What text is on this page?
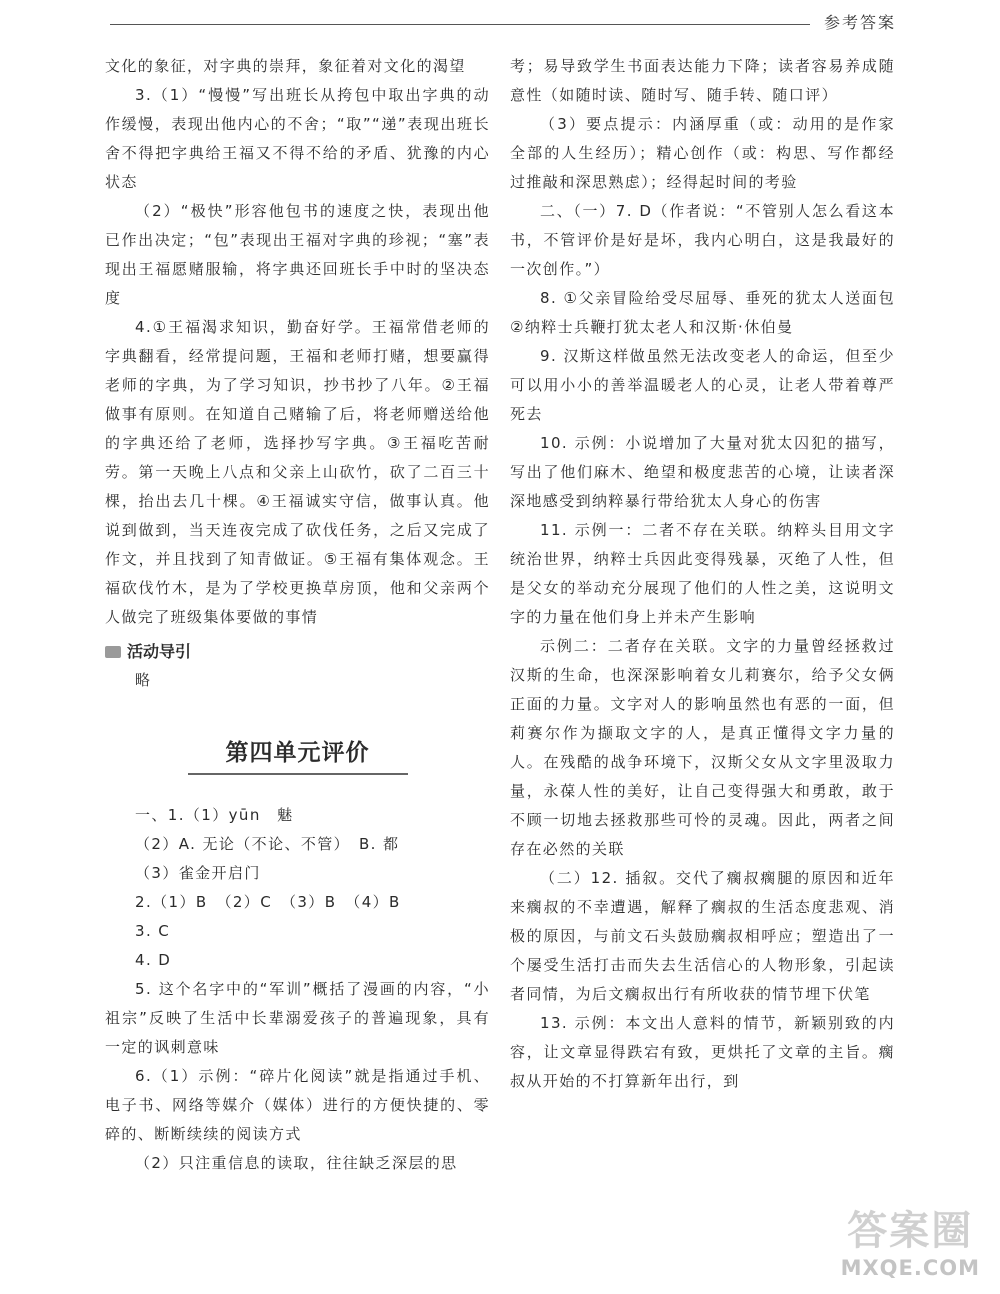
参考答案

文化的象征，对字典的崇拜，象征着对文化的渴望

3.（1）“慢慢”写出班长从挎包中取出字典的动作缓慢，表现出他内心的不舍；“取”“递”表现出班长舍不得把字典给王福又不得不给的矛盾、犹豫的内心状态

（2）“极快”形容他包书的速度之快，表现出他已作出决定；“包”表现出王福对字典的珍视；“塞”表现出王福愿赌服输，将字典还回班长手中时的坚决态度

4.①王福渴求知识，勤奋好学。王福常借老师的字典翻看，经常提问题，王福和老师打赌，想要赢得老师的字典，为了学习知识，抄书抄了八年。②王福做事有原则。在知道自己赌输了后，将老师赠送给他的字典还给了老师，选择抄写字典。③王福吃苦耐劳。第一天晚上八点和父亲上山砍竹，砍了二百三十棵，抬出去几十棵。④王福诚实守信，做事认真。他说到做到，当天连夜完成了砍伐任务，之后又完成了作文，并且找到了知青做证。⑤王福有集体观念。王福砍伐竹木，是为了学校更换草房顶，他和父亲两个人做完了班级集体要做的事情

活动导引

略

第四单元评价

一、1.（1）yūn　魅

（2）A. 无论（不论、不管）　B. 都

（3）雀金开启门

2.（1）B　（2）C　（3）B　（4）B

3. C

4. D

5. 这个名字中的“军训”概括了漫画的内容，“小祖宗”反映了生活中长辈溺爱孩子的普遍现象，具有一定的讽刺意味

6.（1）示例：“碎片化阅读”就是指通过手机、电子书、网络等媒介（媒体）进行的方便快捷的、零碎的、断断续续的阅读方式

（2）只注重信息的读取，往往缺乏深层的思

考；易导致学生书面表达能力下降；读者容易养成随意性（如随时读、随时写、随手转、随口评）

（3）要点提示：内涵厚重（或：动用的是作家全部的人生经历）；精心创作（或：构思、写作都经过推敲和深思熟虑）；经得起时间的考验

二、（一）7. D（作者说：“不管别人怎么看这本书，不管评价是好是坏，我内心明白，这是我最好的一次创作。”）

8. ①父亲冒险给受尽屈辱、垂死的犹太人送面包　②纳粹士兵鞭打犹太老人和汉斯·休伯曼

9. 汉斯这样做虽然无法改变老人的命运，但至少可以用小小的善举温暖老人的心灵，让老人带着尊严死去

10. 示例：小说增加了大量对犹太囚犯的描写，写出了他们麻木、绝望和极度悲苦的心境，让读者深深地感受到纳粹暴行带给犹太人身心的伤害

11. 示例一：二者不存在关联。纳粹头目用文字统治世界，纳粹士兵因此变得残暴，灭绝了人性，但是父女的举动充分展现了他们的人性之美，这说明文字的力量在他们身上并未产生影响

示例二：二者存在关联。文字的力量曾经拯救过汉斯的生命，也深深影响着女儿莉赛尔，给予父女俩正面的力量。文字对人的影响虽然也有恶的一面，但莉赛尔作为撷取文字的人，是真正懂得文字力量的人。在残酷的战争环境下，汉斯父女从文字里汲取力量，永葆人性的美好，让自己变得强大和勇敢，敢于不顾一切地去拯救那些可怜的灵魂。因此，两者之间存在必然的关联

（二）12. 插叙。交代了瘸叔瘸腿的原因和近年来瘸叔的不幸遭遇，解释了瘸叔的生活态度悲观、消极的原因，与前文石头鼓励瘸叔相呼应；塑造出了一个屡受生活打击而失去生活信心的人物形象，引起读者同情，为后文瘸叔出行有所收获的情节埋下伏笔

13. 示例：本文出人意料的情节，新颖别致的内容，让文章显得跌宕有致，更烘托了文章的主旨。瘸叔从开始的不打算新年出行，到

答案圈
MXQE.COM
